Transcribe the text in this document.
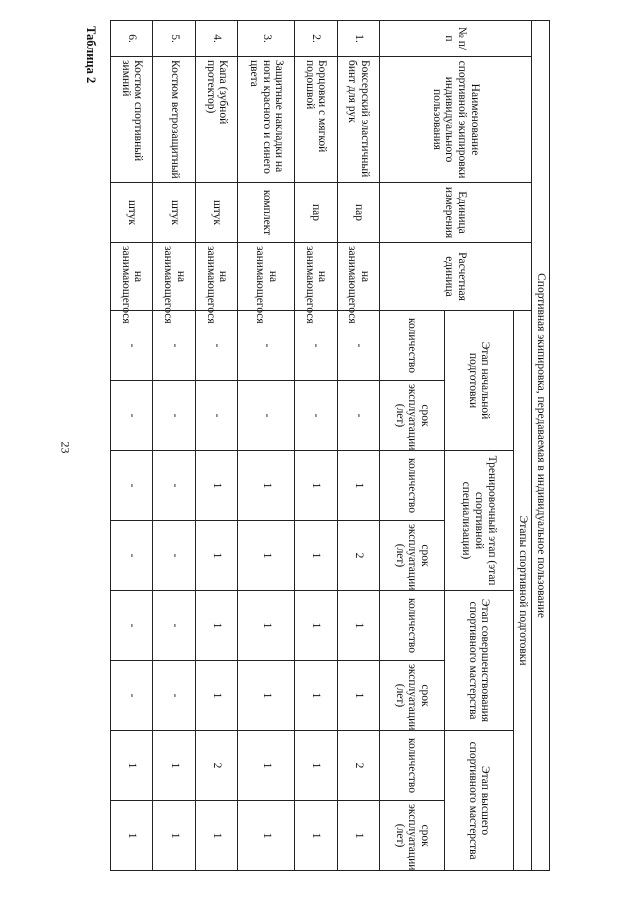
23
Таблица 2
Спортивная экипировка, передаваемая в индивидуальное пользование											
№ п/п	Наименование спортивной экипировки индивидуального пользования	Единица измерения	Расчетная единица	Этапы спортивной подготовки							
				Этап начальной подготовки		Тренировочный этап (этап спортивной специализации)		Этап совершенствования спортивного мастерства		Этап высшего спортивного мастерства	
				количество	срок эксплуатации (лет)	количество	срок эксплуатации (лет)	количество	срок эксплуатации (лет)	количество	срок эксплуатации (лет)
1.	Боксерский эластичный бинт для рук	пар	на занимающегося	-	-	1	2	1	1	2	1
2.	Борцовки с мягкой подошвой	пар	на занимающегося	-	-	1	1	1	1	1	1
3.	Защитные накладки на ноги красного и синего цвета	комплект	на занимающегося	-	-	1	1	1	1	1	1
4.	Капа (зубной протектор)	штук	на занимающегося	-	-	1	1	1	1	2	1
5.	Костюм ветрозащитный	штук	на занимающегося	-	-	-	-	-	-	1	1
6.	Костюм спортивный зимний	штук	на занимающегося	-	-	-	-	-	-	1	1
